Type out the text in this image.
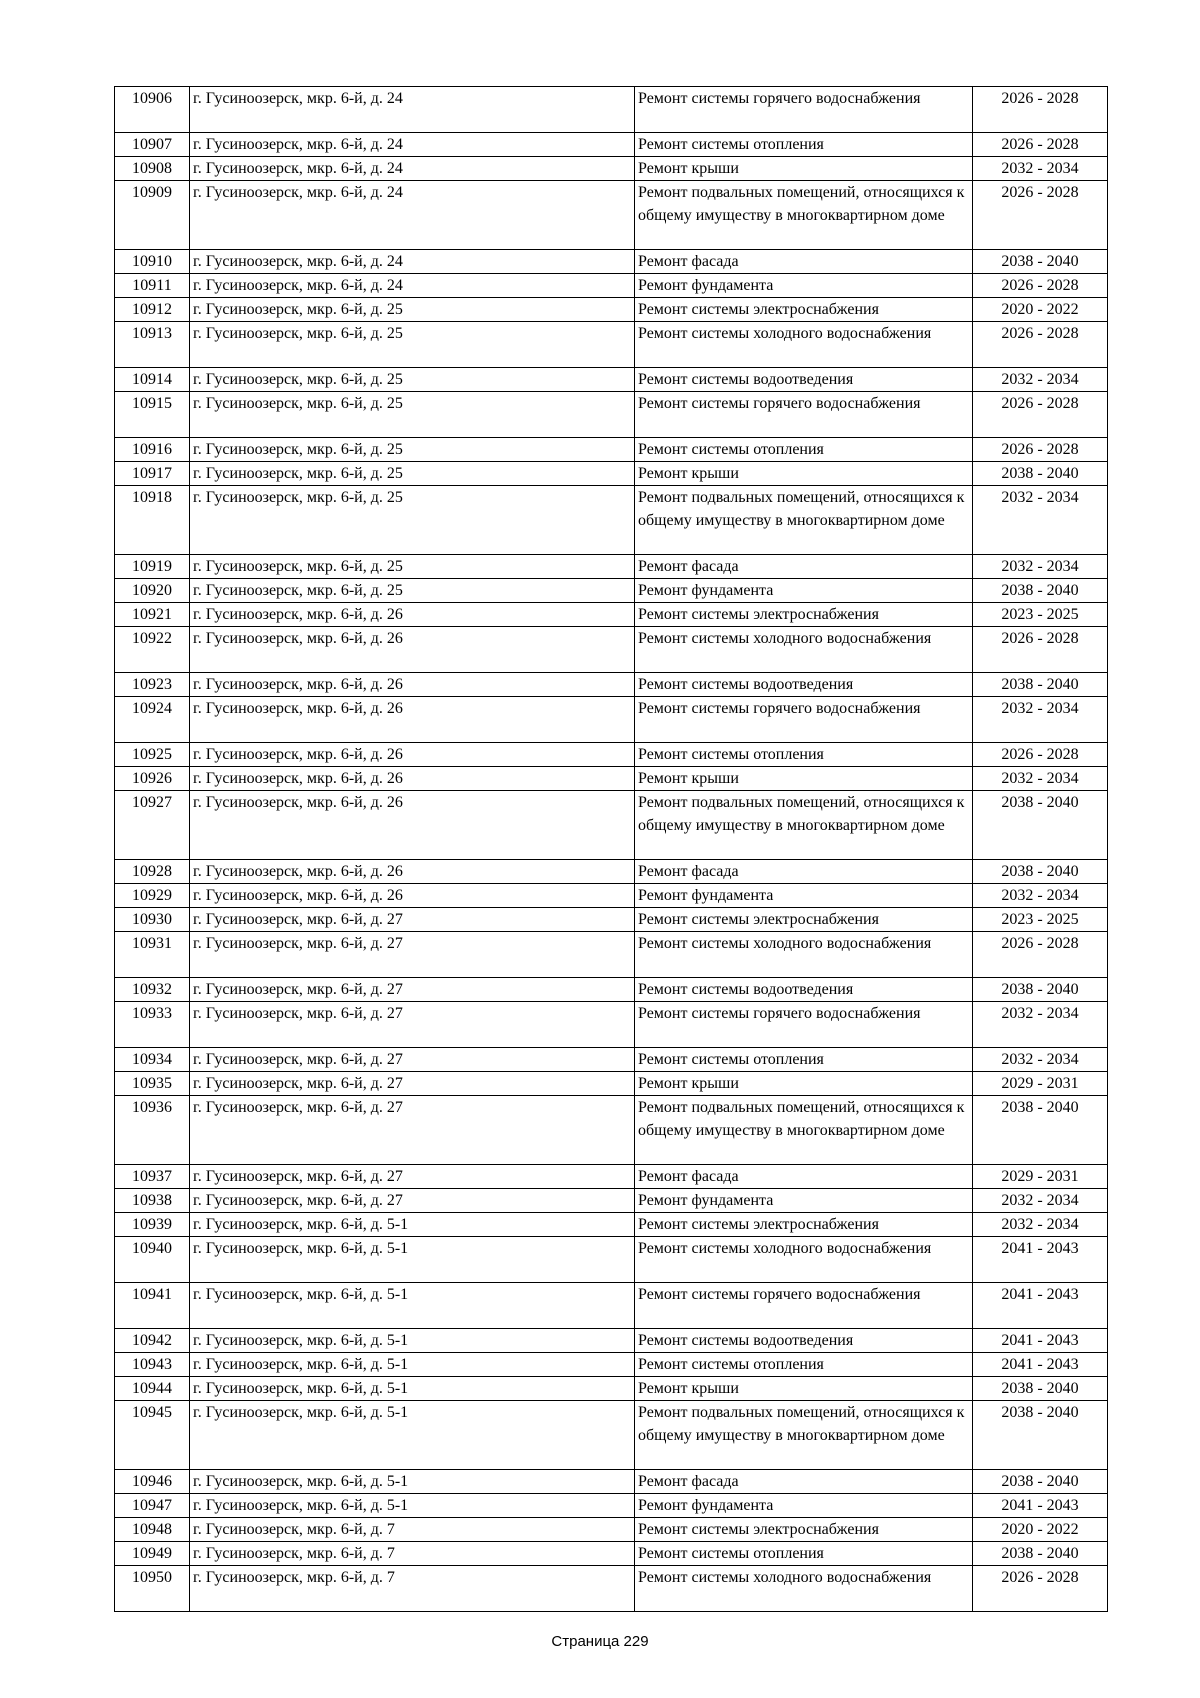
10906	г. Гусиноозерск, мкр. 6-й, д. 24	Ремонт системы горячего водоснабжения	2026 - 2028
10907	г. Гусиноозерск, мкр. 6-й, д. 24	Ремонт системы отопления	2026 - 2028
10908	г. Гусиноозерск, мкр. 6-й, д. 24	Ремонт крыши	2032 - 2034
10909	г. Гусиноозерск, мкр. 6-й, д. 24	Ремонт подвальных помещений, относящихся к общему имуществу в многоквартирном доме	2026 - 2028
10910	г. Гусиноозерск, мкр. 6-й, д. 24	Ремонт фасада	2038 - 2040
10911	г. Гусиноозерск, мкр. 6-й, д. 24	Ремонт фундамента	2026 - 2028
10912	г. Гусиноозерск, мкр. 6-й, д. 25	Ремонт системы электроснабжения	2020 - 2022
10913	г. Гусиноозерск, мкр. 6-й, д. 25	Ремонт системы холодного водоснабжения	2026 - 2028
10914	г. Гусиноозерск, мкр. 6-й, д. 25	Ремонт системы водоотведения	2032 - 2034
10915	г. Гусиноозерск, мкр. 6-й, д. 25	Ремонт системы горячего водоснабжения	2026 - 2028
10916	г. Гусиноозерск, мкр. 6-й, д. 25	Ремонт системы отопления	2026 - 2028
10917	г. Гусиноозерск, мкр. 6-й, д. 25	Ремонт крыши	2038 - 2040
10918	г. Гусиноозерск, мкр. 6-й, д. 25	Ремонт подвальных помещений, относящихся к общему имуществу в многоквартирном доме	2032 - 2034
10919	г. Гусиноозерск, мкр. 6-й, д. 25	Ремонт фасада	2032 - 2034
10920	г. Гусиноозерск, мкр. 6-й, д. 25	Ремонт фундамента	2038 - 2040
10921	г. Гусиноозерск, мкр. 6-й, д. 26	Ремонт системы электроснабжения	2023 - 2025
10922	г. Гусиноозерск, мкр. 6-й, д. 26	Ремонт системы холодного водоснабжения	2026 - 2028
10923	г. Гусиноозерск, мкр. 6-й, д. 26	Ремонт системы водоотведения	2038 - 2040
10924	г. Гусиноозерск, мкр. 6-й, д. 26	Ремонт системы горячего водоснабжения	2032 - 2034
10925	г. Гусиноозерск, мкр. 6-й, д. 26	Ремонт системы отопления	2026 - 2028
10926	г. Гусиноозерск, мкр. 6-й, д. 26	Ремонт крыши	2032 - 2034
10927	г. Гусиноозерск, мкр. 6-й, д. 26	Ремонт подвальных помещений, относящихся к общему имуществу в многоквартирном доме	2038 - 2040
10928	г. Гусиноозерск, мкр. 6-й, д. 26	Ремонт фасада	2038 - 2040
10929	г. Гусиноозерск, мкр. 6-й, д. 26	Ремонт фундамента	2032 - 2034
10930	г. Гусиноозерск, мкр. 6-й, д. 27	Ремонт системы электроснабжения	2023 - 2025
10931	г. Гусиноозерск, мкр. 6-й, д. 27	Ремонт системы холодного водоснабжения	2026 - 2028
10932	г. Гусиноозерск, мкр. 6-й, д. 27	Ремонт системы водоотведения	2038 - 2040
10933	г. Гусиноозерск, мкр. 6-й, д. 27	Ремонт системы горячего водоснабжения	2032 - 2034
10934	г. Гусиноозерск, мкр. 6-й, д. 27	Ремонт системы отопления	2032 - 2034
10935	г. Гусиноозерск, мкр. 6-й, д. 27	Ремонт крыши	2029 - 2031
10936	г. Гусиноозерск, мкр. 6-й, д. 27	Ремонт подвальных помещений, относящихся к общему имуществу в многоквартирном доме	2038 - 2040
10937	г. Гусиноозерск, мкр. 6-й, д. 27	Ремонт фасада	2029 - 2031
10938	г. Гусиноозерск, мкр. 6-й, д. 27	Ремонт фундамента	2032 - 2034
10939	г. Гусиноозерск, мкр. 6-й, д. 5-1	Ремонт системы электроснабжения	2032 - 2034
10940	г. Гусиноозерск, мкр. 6-й, д. 5-1	Ремонт системы холодного водоснабжения	2041 - 2043
10941	г. Гусиноозерск, мкр. 6-й, д. 5-1	Ремонт системы горячего водоснабжения	2041 - 2043
10942	г. Гусиноозерск, мкр. 6-й, д. 5-1	Ремонт системы водоотведения	2041 - 2043
10943	г. Гусиноозерск, мкр. 6-й, д. 5-1	Ремонт системы отопления	2041 - 2043
10944	г. Гусиноозерск, мкр. 6-й, д. 5-1	Ремонт крыши	2038 - 2040
10945	г. Гусиноозерск, мкр. 6-й, д. 5-1	Ремонт подвальных помещений, относящихся к общему имуществу в многоквартирном доме	2038 - 2040
10946	г. Гусиноозерск, мкр. 6-й, д. 5-1	Ремонт фасада	2038 - 2040
10947	г. Гусиноозерск, мкр. 6-й, д. 5-1	Ремонт фундамента	2041 - 2043
10948	г. Гусиноозерск, мкр. 6-й, д. 7	Ремонт системы электроснабжения	2020 - 2022
10949	г. Гусиноозерск, мкр. 6-й, д. 7	Ремонт системы отопления	2038 - 2040
10950	г. Гусиноозерск, мкр. 6-й, д. 7	Ремонт системы холодного водоснабжения	2026 - 2028
Страница 229
